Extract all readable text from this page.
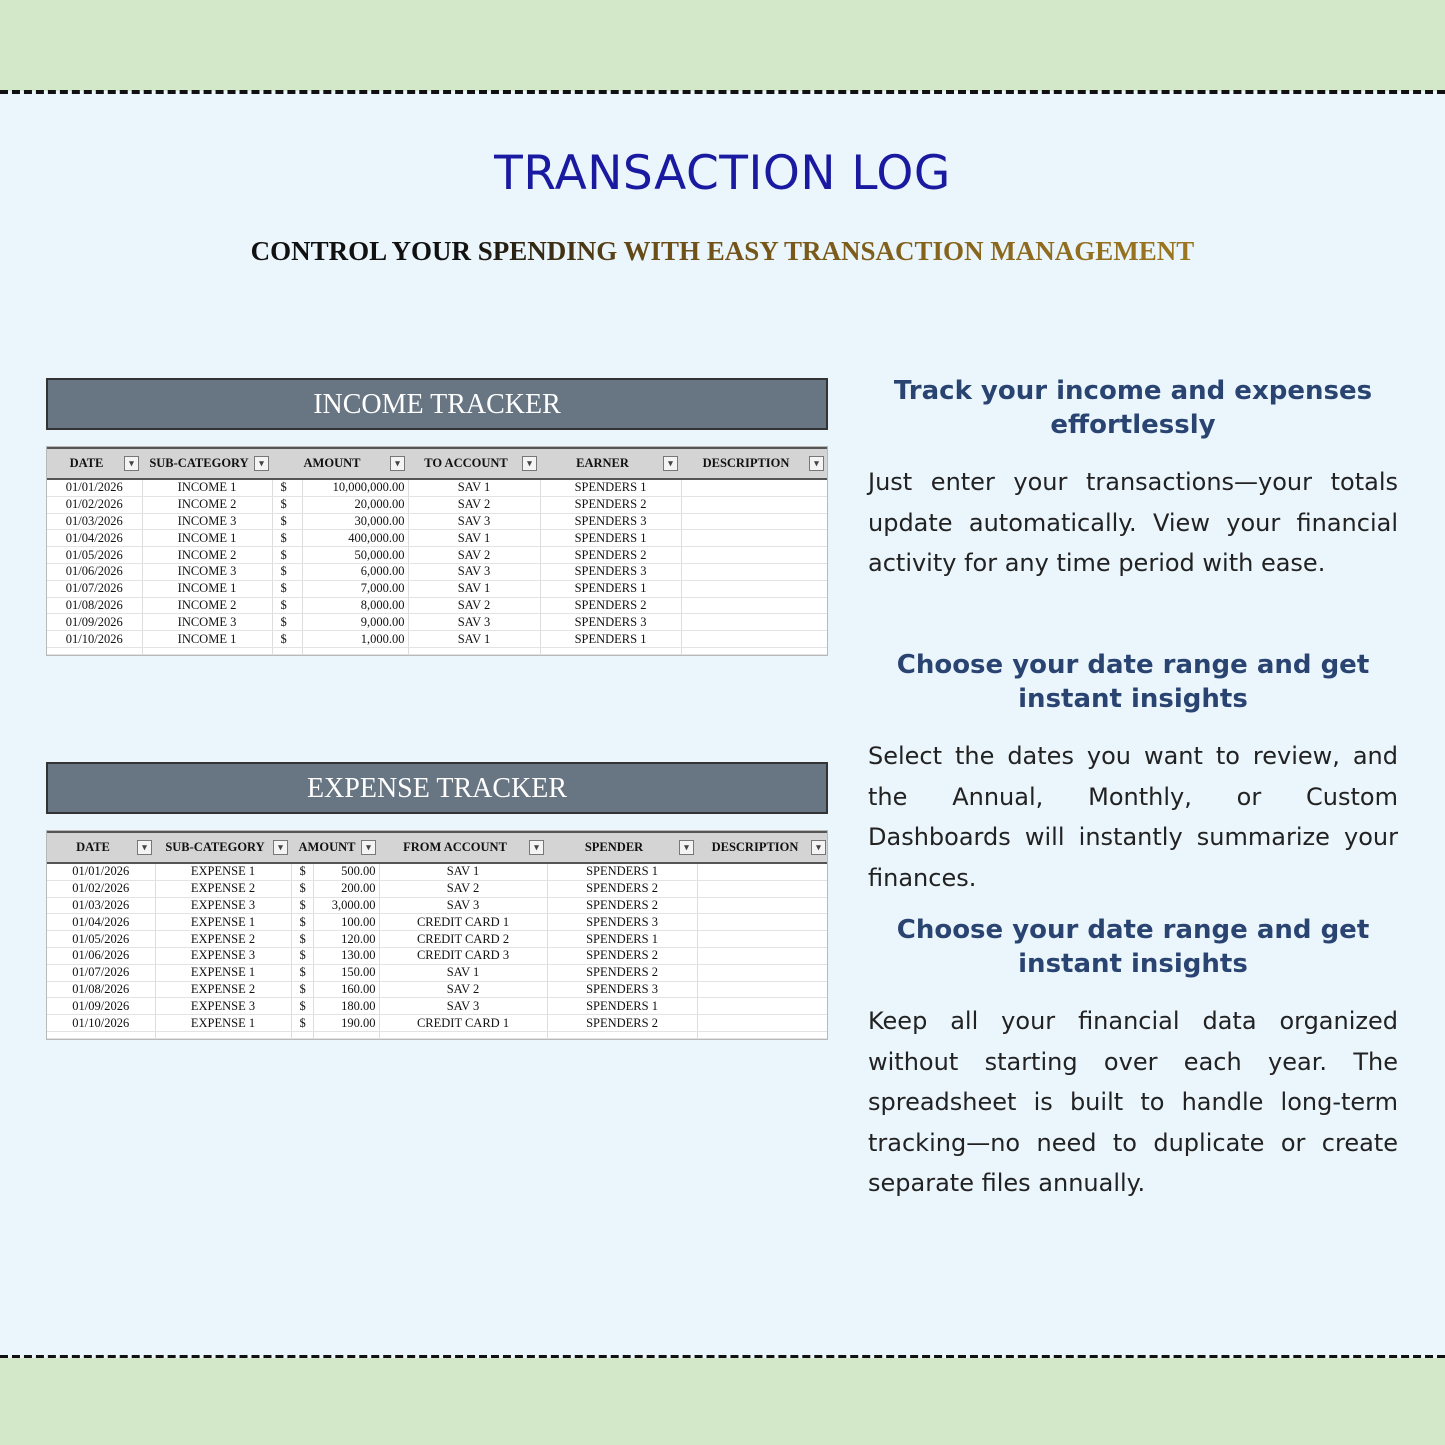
TRANSACTION LOG
CONTROL YOUR SPENDING WITH EASY TRANSACTION MANAGEMENT
INCOME TRACKER
DATE ▾	SUB-CATEGORY ▾	AMOUNT ▾		TO ACCOUNT ▾	EARNER ▾	DESCRIPTION ▾

01/01/2026	INCOME 1	$	10,000,000.00	SAV 1	SPENDERS 1	
01/02/2026	INCOME 2	$	20,000.00	SAV 2	SPENDERS 2	
01/03/2026	INCOME 3	$	30,000.00	SAV 3	SPENDERS 3	
01/04/2026	INCOME 1	$	400,000.00	SAV 1	SPENDERS 1	
01/05/2026	INCOME 2	$	50,000.00	SAV 2	SPENDERS 2	
01/06/2026	INCOME 3	$	6,000.00	SAV 3	SPENDERS 3	
01/07/2026	INCOME 1	$	7,000.00	SAV 1	SPENDERS 1	
01/08/2026	INCOME 2	$	8,000.00	SAV 2	SPENDERS 2	
01/09/2026	INCOME 3	$	9,000.00	SAV 3	SPENDERS 3	
01/10/2026	INCOME 1	$	1,000.00	SAV 1	SPENDERS 1	

EXPENSE TRACKER
DATE ▾	SUB-CATEGORY ▾	AMOUNT ▾		FROM ACCOUNT ▾	SPENDER ▾	DESCRIPTION ▾

01/01/2026	EXPENSE 1	$	500.00	SAV 1	SPENDERS 1	
01/02/2026	EXPENSE 2	$	200.00	SAV 2	SPENDERS 2	
01/03/2026	EXPENSE 3	$	3,000.00	SAV 3	SPENDERS 2	
01/04/2026	EXPENSE 1	$	100.00	CREDIT CARD 1	SPENDERS 3	
01/05/2026	EXPENSE 2	$	120.00	CREDIT CARD 2	SPENDERS 1	
01/06/2026	EXPENSE 3	$	130.00	CREDIT CARD 3	SPENDERS 2	
01/07/2026	EXPENSE 1	$	150.00	SAV 1	SPENDERS 2	
01/08/2026	EXPENSE 2	$	160.00	SAV 2	SPENDERS 3	
01/09/2026	EXPENSE 3	$	180.00	SAV 3	SPENDERS 1	
01/10/2026	EXPENSE 1	$	190.00	CREDIT CARD 1	SPENDERS 2	

Track your income and expenses effortlessly

Just enter your transactions—your totals update automatically. View your financial activity for any time period with ease.

Choose your date range and get instant insights

Select the dates you want to review, and the Annual, Monthly, or Custom Dashboards will instantly summarize your finances.

Choose your date range and get instant insights

Keep all your financial data organized without starting over each year. The spreadsheet is built to handle long-term tracking—no need to duplicate or create separate files annually.
